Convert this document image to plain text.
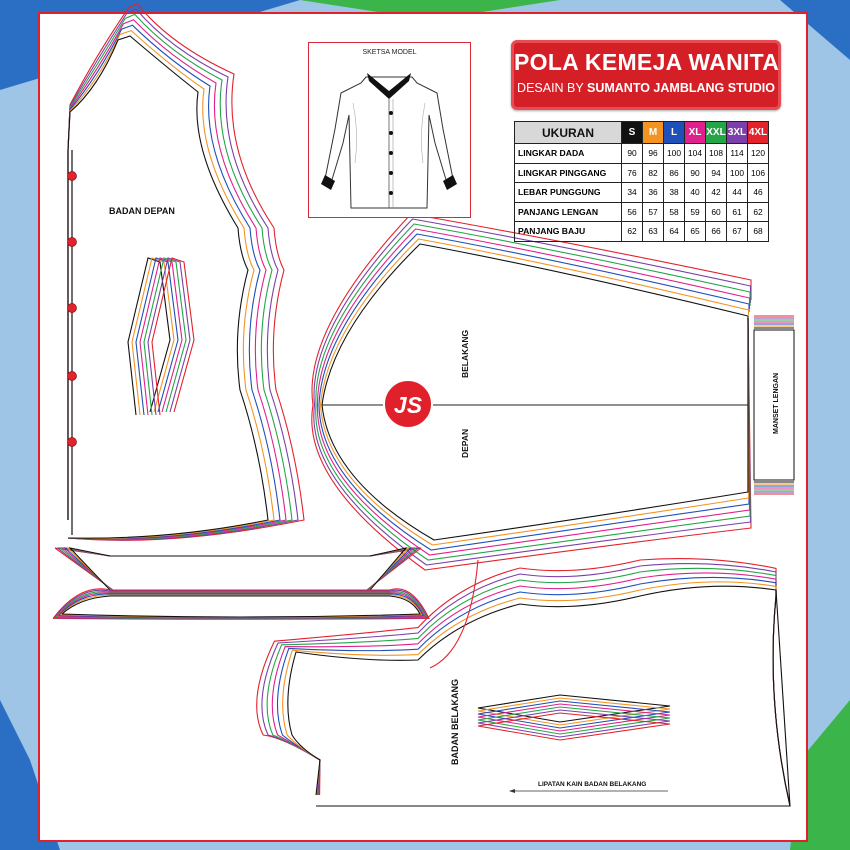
BADAN DEPAN
BELAKANG
DEPAN
MANSET LENGAN
BADAN BELAKANG
LIPATAN KAIN BADAN BELAKANG
JS
SKETSA MODEL	POLA KEMEJA WANITA
DESAIN BY SUMANTO JAMBLANG STUDIO
UKURAN	S	M	L	XL	XXL	3XL	4XL
LINGKAR DADA	90	96	100	104	108	114	120
LINGKAR PINGGANG	76	82	86	90	94	100	106
LEBAR PUNGGUNG	34	36	38	40	42	44	46
PANJANG LENGAN	56	57	58	59	60	61	62
PANJANG BAJU	62	63	64	65	66	67	68
